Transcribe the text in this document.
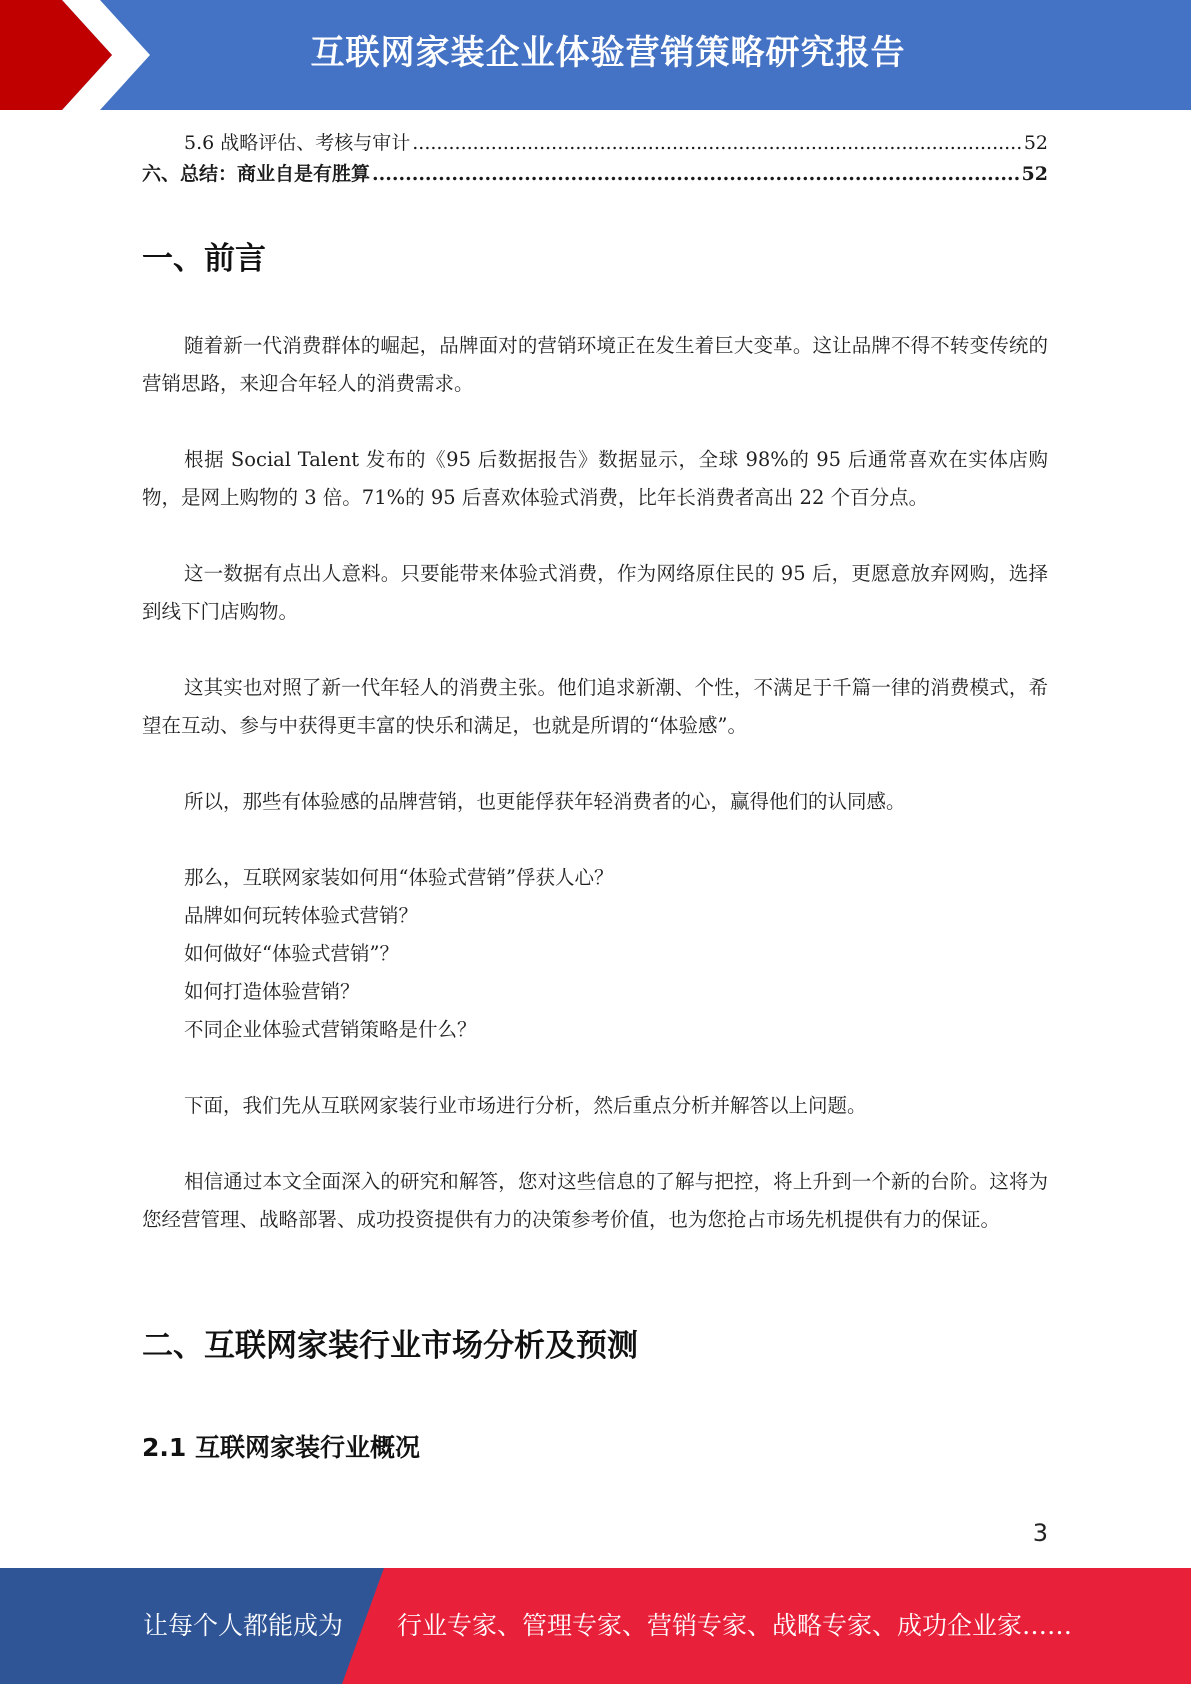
互联网家装企业体验营销策略研究报告
5.6 战略评估、考核与审计 .....	52
六、总结：商业自是有胜算 .....	52
一、前言

随着新一代消费群体的崛起，品牌面对的营销环境正在发生着巨大变革。这让品牌不得不转变传统的营销思路，来迎合年轻人的消费需求。

根据 Social Talent 发布的《95 后数据报告》数据显示，全球 98%的 95 后通常喜欢在实体店购物，是网上购物的 3 倍。71%的 95 后喜欢体验式消费，比年长消费者高出 22 个百分点。

这一数据有点出人意料。只要能带来体验式消费，作为网络原住民的 95 后，更愿意放弃网购，选择到线下门店购物。

这其实也对照了新一代年轻人的消费主张。他们追求新潮、个性，不满足于千篇一律的消费模式，希望在互动、参与中获得更丰富的快乐和满足，也就是所谓的“体验感”。

所以，那些有体验感的品牌营销，也更能俘获年轻消费者的心，赢得他们的认同感。

那么，互联网家装如何用“体验式营销”俘获人心？
品牌如何玩转体验式营销？
如何做好“体验式营销”？
如何打造体验营销？
不同企业体验式营销策略是什么？

下面，我们先从互联网家装行业市场进行分析，然后重点分析并解答以上问题。

相信通过本文全面深入的研究和解答，您对这些信息的了解与把控，将上升到一个新的台阶。这将为您经营管理、战略部署、成功投资提供有力的决策参考价值，也为您抢占市场先机提供有力的保证。

二、互联网家装行业市场分析及预测
2.1 互联网家装行业概况
3
让每个人都能成为 行业专家、管理专家、营销专家、战略专家、成功企业家……
